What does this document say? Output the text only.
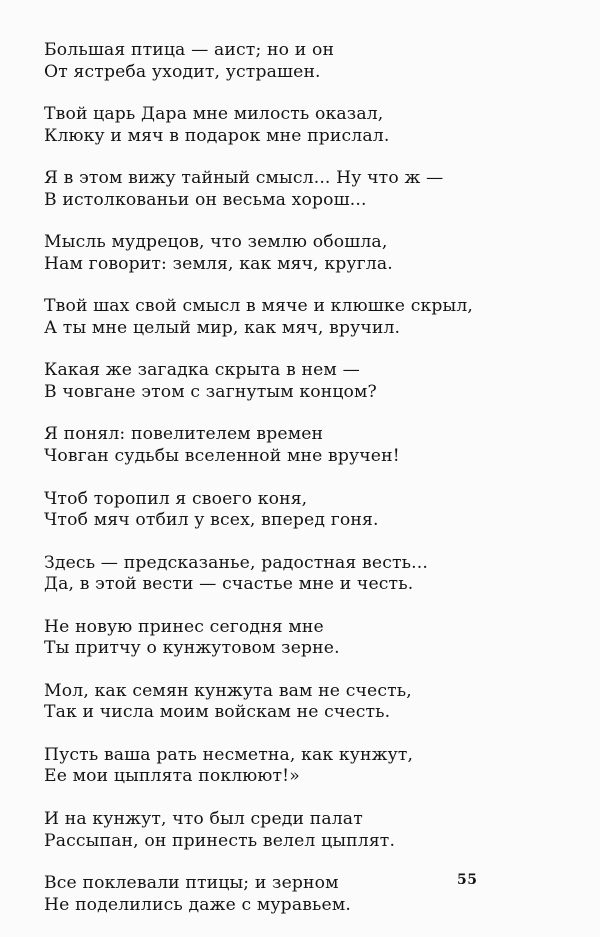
Большая птица — аист; но и он
От ястреба уходит, устрашен.
Твой царь Дара мне милость оказал,
Клюку и мяч в подарок мне прислал.
Я в этом вижу тайный смысл... Ну что ж —
В истолкованьи он весьма хорош...
Мысль мудрецов, что землю обошла,
Нам говорит: земля, как мяч, кругла.
Твой шах свой смысл в мяче и клюшке скрыл,
А ты мне целый мир, как мяч, вручил.
Какая же загадка скрыта в нем —
В човгане этом с загнутым концом?
Я понял: повелителем времен
Човган судьбы вселенной мне вручен!
Чтоб торопил я своего коня,
Чтоб мяч отбил у всех, вперед гоня.
Здесь — предсказанье, радостная весть...
Да, в этой вести — счастье мне и честь.
Не новую принес сегодня мне
Ты притчу о кунжутовом зерне.
Мол, как семян кунжута вам не счесть,
Так и числа моим войскам не счесть.
Пусть ваша рать несметна, как кунжут,
Ее мои цыплята поклюют!»
И на кунжут, что был среди палат
Рассыпан, он принесть велел цыплят.
Все поклевали птицы; и зерном
Не поделились даже с муравьем.
55
